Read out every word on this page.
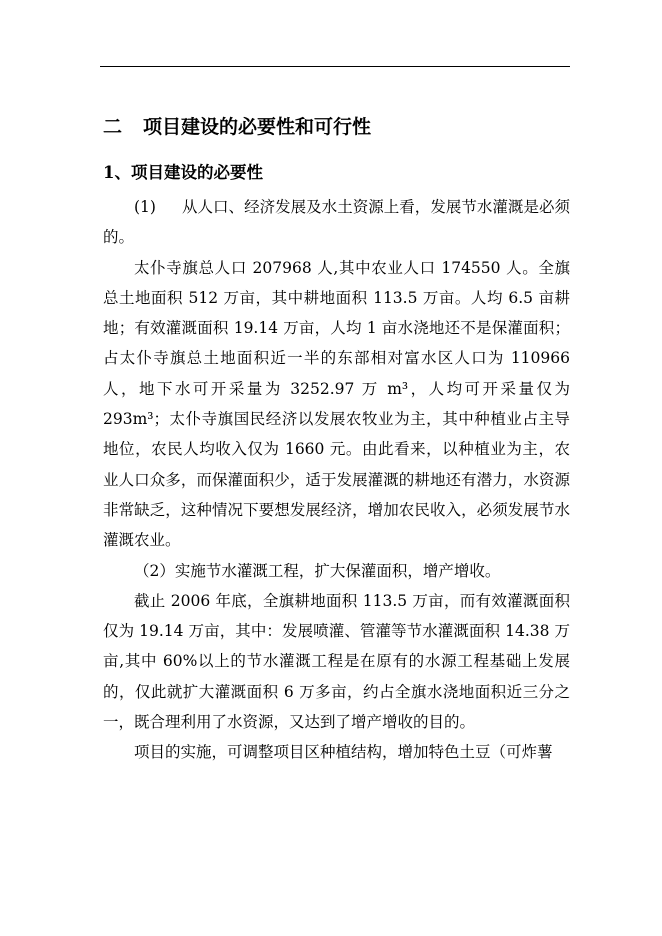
二 项目建设的必要性和可行性
1、项目建设的必要性

(1) 从人口、经济发展及水土资源上看，发展节水灌溉是必须的。

太仆寺旗总人口 207968 人,其中农业人口 174550 人。全旗总土地面积 512 万亩，其中耕地面积 113.5 万亩。人均 6.5 亩耕地；有效灌溉面积 19.14 万亩，人均 1 亩水浇地还不是保灌面积；占太仆寺旗总土地面积近一半的东部相对富水区人口为 110966 人，地下水可开采量为 3252.97 万 m³，人均可开采量仅为 293m³；太仆寺旗国民经济以发展农牧业为主，其中种植业占主导地位，农民人均收入仅为 1660 元。由此看来，以种植业为主，农业人口众多，而保灌面积少，适于发展灌溉的耕地还有潜力，水资源非常缺乏，这种情况下要想发展经济，增加农民收入，必须发展节水灌溉农业。

（2）实施节水灌溉工程，扩大保灌面积，增产增收。

截止 2006 年底，全旗耕地面积 113.5 万亩，而有效灌溉面积仅为 19.14 万亩，其中：发展喷灌、管灌等节水灌溉面积 14.38 万亩,其中 60%以上的节水灌溉工程是在原有的水源工程基础上发展的，仅此就扩大灌溉面积 6 万多亩，约占全旗水浇地面积近三分之一，既合理利用了水资源，又达到了增产增收的目的。

项目的实施，可调整项目区种植结构，增加特色土豆（可炸薯
